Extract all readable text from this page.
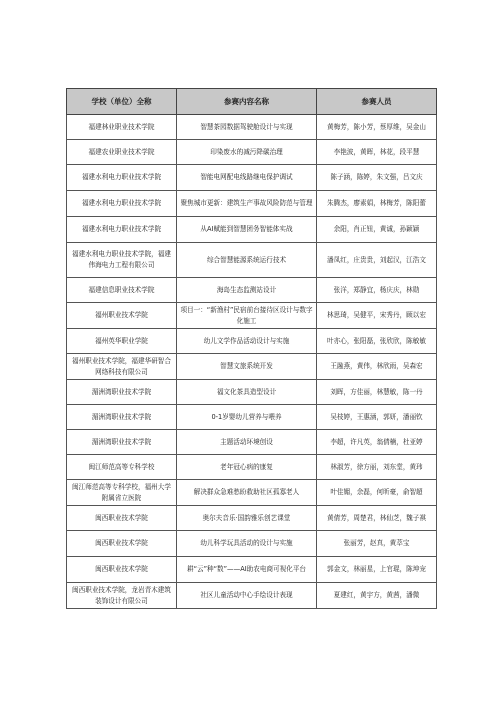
学校（单位）全称	参赛内容名称	参赛人员
福建林业职业技术学院	智慧茶园数据驾驶舱设计与实现	黄梅芳，陈小芳，蔡厚维，吴金山
福建农业职业技术学院	印染废水的减污降碳治理	李艳波，黄晖，林花，段平慧
福建水利电力职业技术学院	智能电网配电线路继电保护调试	陈子涵，陈婷，朱文强，吕文庆
福建水利电力职业技术学院	聚焦城市更新：建筑生产事故风险防范与管理	朱腾杰，廖素娟，林梅芳，陈阳蕾
福建水利电力职业技术学院	从AI赋能到智慧团务智能体实战	余阳，肖正钮，黄诚，孙颖颖
福建水利电力职业技术学院，福建伟海电力工程有限公司	综合智慧能源系统运行技术	潘凤红，庄贵贵，刘起汉，江浩文
福建信息职业技术学院	海岛生态监测站设计	张洋，郑静宜，杨庆庆，林勋
福州职业技术学院	项目一：“新渔村”民宿前台接待区设计与数字化施工	林思琦，吴健平，宋秀丹，顾以宏
福州英华职业学院	幼儿文学作品活动设计与实施	叶亦心，张阳磊，张欣欣，陈敏敏
福州职业技术学院，福建华研智合网络科技有限公司	智慧文旅系统开发	王融燕，黄伟，林欣雨，吴森宏
湄洲湾职业技术学院	福文化茶具造型设计	刘晖，方佳丽，林慧敏，陈一丹
湄洲湾职业技术学院	0-1岁婴幼儿营养与喂养	吴枝婷，王惠涵，郭妍，潘丽钦
湄洲湾职业技术学院	主题活动环境创设	李超，许凡英，翁倩楠，杜亚婷
闽江师范高等专科学校	老年冠心病的康复	林淑芳，徐方丽，刘东堂，黄玮
闽江师范高等专科学校，福州大学附属省立医院	解决群众急难愁盼救助社区孤寡老人	叶佳媚，余磊，何昕豪，俞智超
闽西职业技术学院	奥尔夫音乐·国韵雅乐创艺课堂	黄倩芳，周楚君，林仙芝，魏子祺
闽西职业技术学院	幼儿科学玩具活动的设计与实施	张丽芳，赵真，黄萃宝
闽西职业技术学院	耕“云”种“数”——AI助农电商可视化平台	郭金文，林丽星，上官琨，陈坤宠
闽西职业技术学院，龙岩青木建筑装饰设计有限公司	社区儿童活动中心手绘设计表现	夏建红，黄宇方，黄茜，潘微
